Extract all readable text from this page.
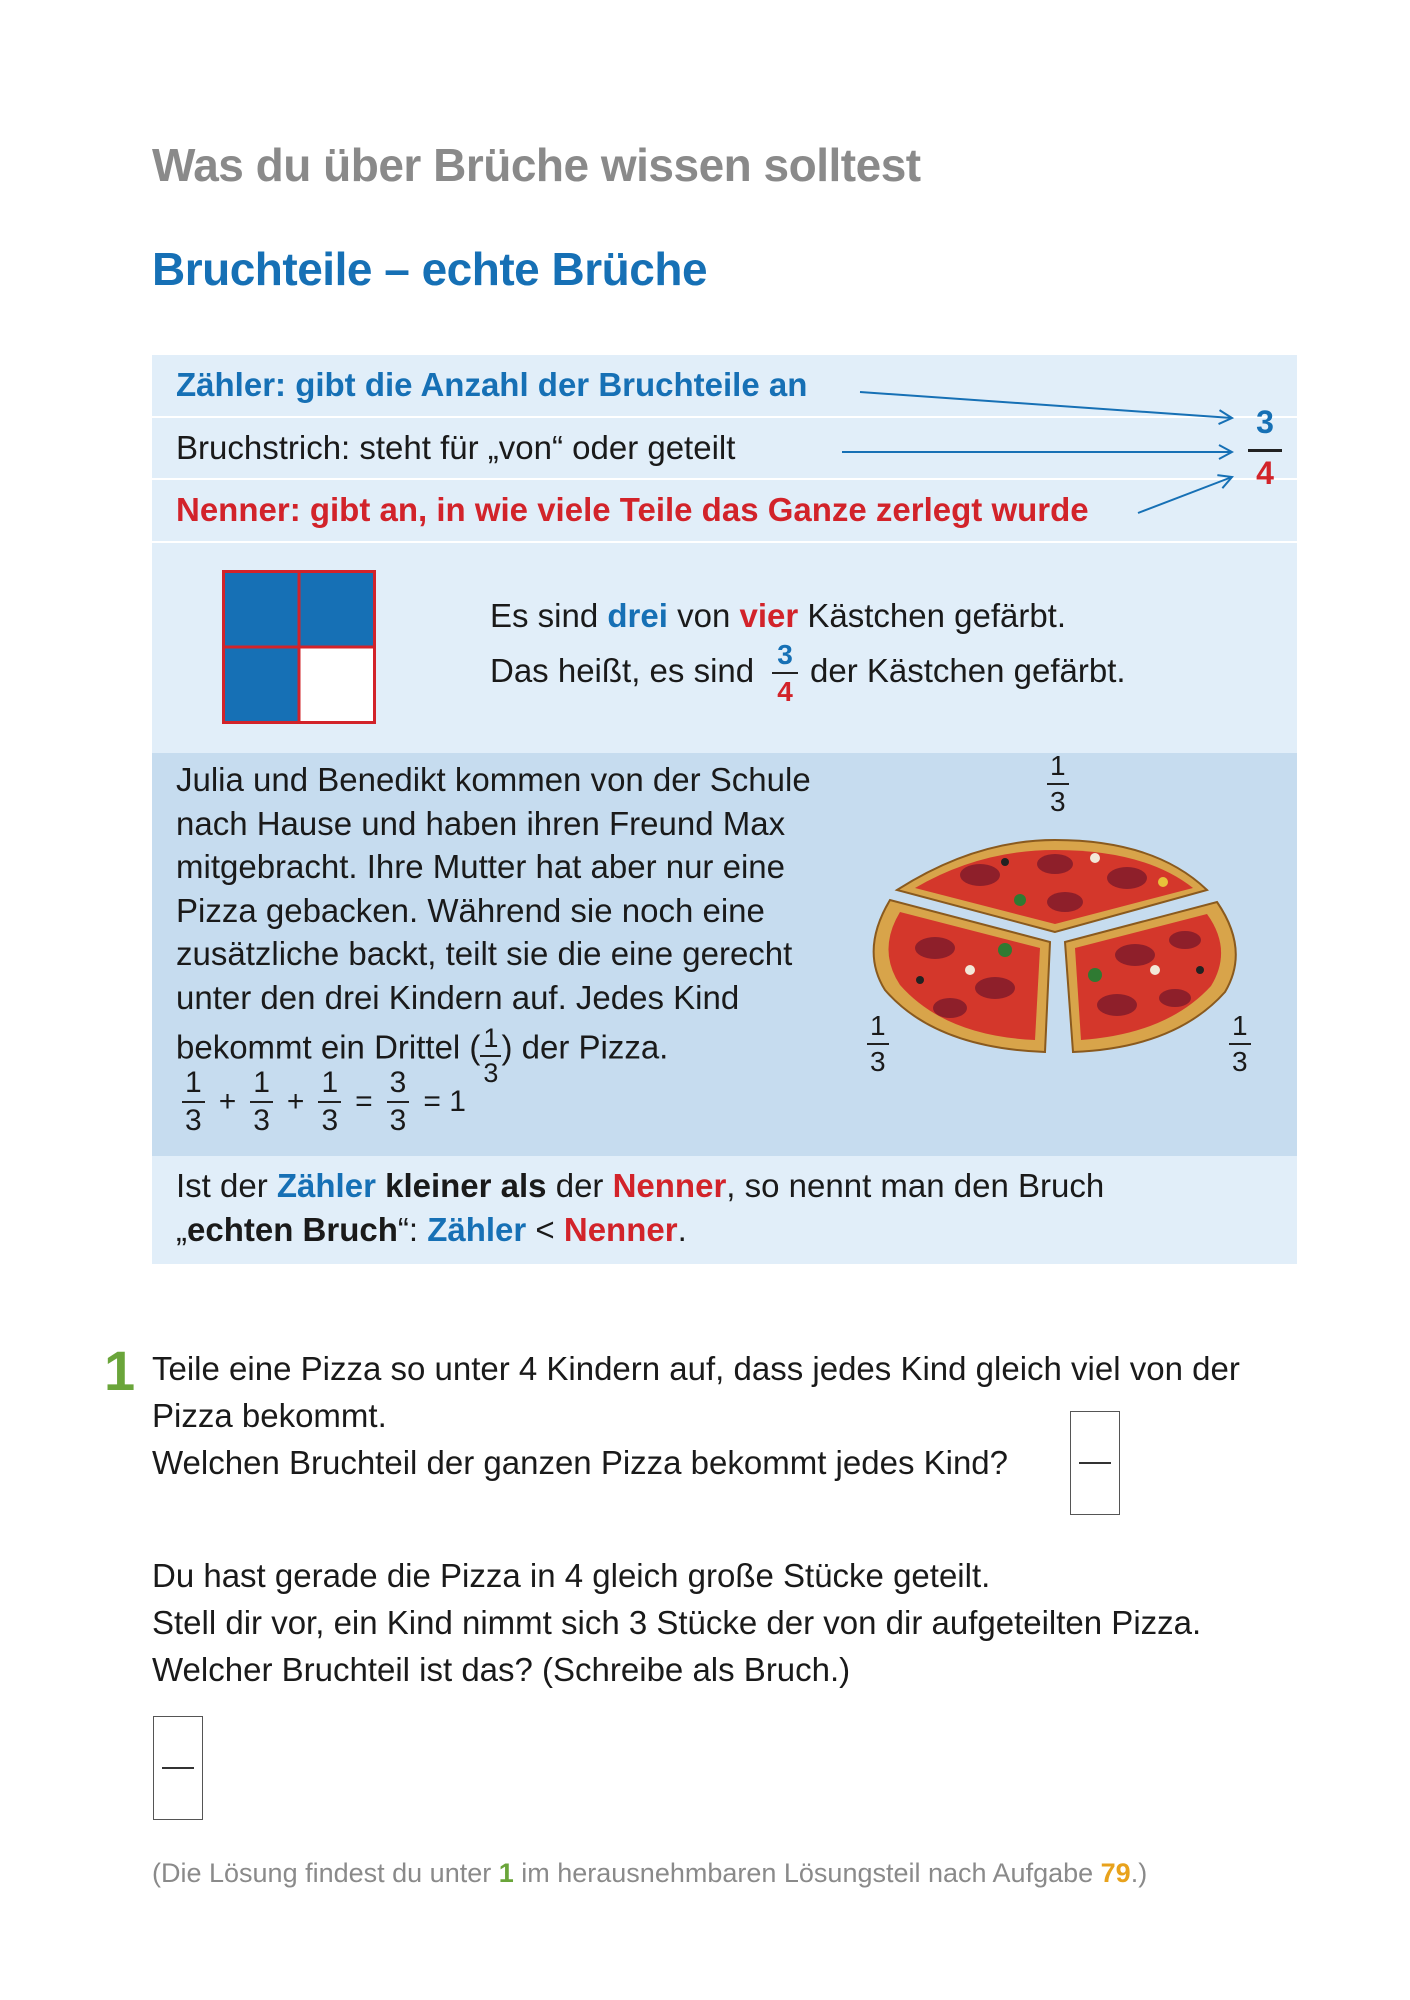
Was du über Brüche wissen solltest
Bruchteile – echte Brüche
Zähler: gibt die Anzahl der Bruchteile an
Bruchstrich: steht für „von“ oder geteilt
Nenner: gibt an, in wie viele Teile das Ganze zerlegt wurde
3
4
Es sind drei von vier Kästchen gefärbt.
Das heißt, es sind 3
4
der Kästchen gefärbt.
Julia und Benedikt kommen von der Schule
nach Hause und haben ihren Freund Max
mitgebracht. Ihre Mutter hat aber nur eine
Pizza gebacken. Während sie noch eine
zusätzliche backt, teilt sie die eine gerecht
unter den drei Kindern auf. Jedes Kind
bekommt ein Drittel ( $\frac{1}{3}$ ) der Pizza.
$\frac{1}{3} + \frac{1}{3} + \frac{1}{3} = \frac{3}{3} = 1$
$\frac{1}{3}$
$\frac{1}{3}$	$\frac{1}{3}$
Ist der Zähler kleiner als der Nenner, so nennt man den Bruch
„echten Bruch“: Zähler < Nenner.
1 Teile eine Pizza so unter 4 Kindern auf, dass jedes Kind gleich viel von der
Pizza bekommt.
Welchen Bruchteil der ganzen Pizza bekommt jedes Kind?
Du hast gerade die Pizza in 4 gleich große Stücke geteilt.
Stell dir vor, ein Kind nimmt sich 3 Stücke der von dir aufgeteilten Pizza.
Welcher Bruchteil ist das? (Schreibe als Bruch.)
(Die Lösung findest du unter 1 im herausnehmbaren Lösungsteil nach Aufgabe 79.)
